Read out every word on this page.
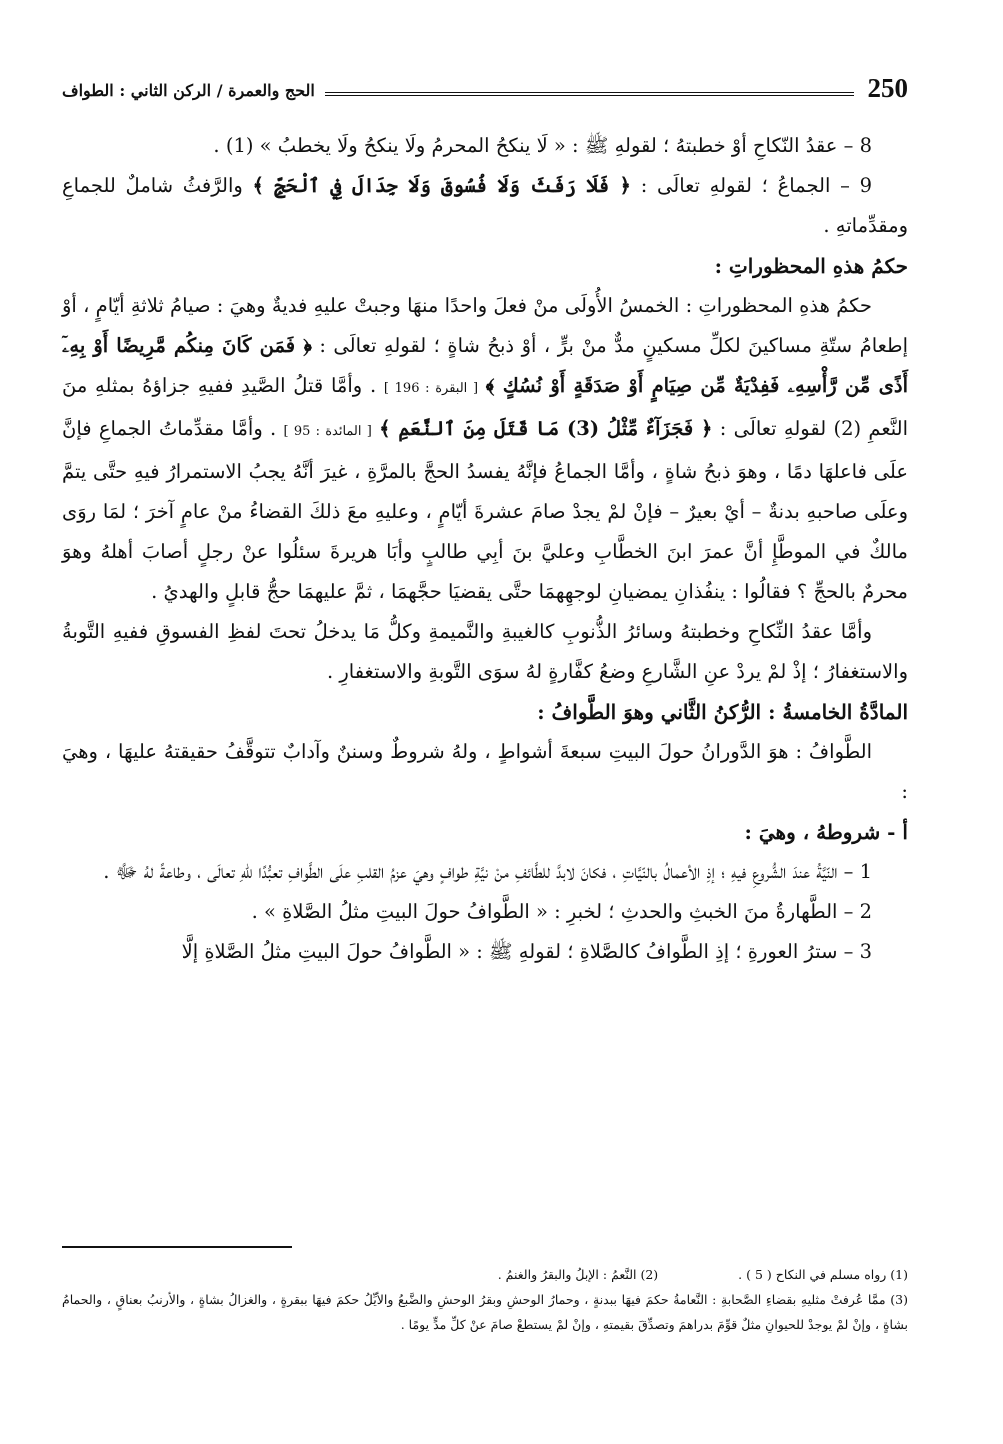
250
الحج والعمرة / الركن الثاني : الطواف

8 – عقدُ النّكاحِ أوْ خطبتهُ ؛ لقولهِ ﷺ : « لَا ينكحُ المحرمُ ولَا ينكحُ ولَا يخطبُ » (1) .

9 – الجماعُ ؛ لقولهِ تعالَى : ﴿ فَلَا رَفَثَ وَلَا فُسُوقَ وَلَا جِدَالَ فِي ٱلْحَجِّ ﴾ والرَّفثُ شاملٌ للجماعِ ومقدِّماتهِ .

حكمُ هذهِ المحظوراتِ :

حكمُ هذهِ المحظوراتِ : الخمسُ الأُولَى منْ فعلَ واحدًا منهَا وجبتْ عليهِ فديةٌ وهيَ : صيامُ ثلاثةِ أيّامٍ ، أوْ إطعامُ ستّةِ مساكينَ لكلِّ مسكينٍ مدٌّ منْ برٍّ ، أوْ ذبحُ شاةٍ ؛ لقولهِ تعالَى : ﴿ فَمَن كَانَ مِنكُم مَّرِيضًا أَوْ بِهِۦٓ أَذًى مِّن رَّأْسِهِۦ فَفِدْيَةٌ مِّن صِيَامٍ أَوْ صَدَقَةٍ أَوْ نُسُكٍ ﴾ [ البقرة : 196 ] . وأمَّا قتلُ الصَّيدِ ففيهِ جزاؤهُ بمثلهِ منَ النَّعمِ (2) لقولهِ تعالَى : ﴿ فَجَزَآءٌ مِّثْلُ (3) مَا قَتَلَ مِنَ ٱلنَّعَمِ ﴾ [ المائدة : 95 ] . وأمَّا مقدِّماتُ الجماعِ فإنَّ علَى فاعلهَا دمًا ، وهوَ ذبحُ شاةٍ ، وأمَّا الجماعُ فإنَّهُ يفسدُ الحجَّ بالمرَّةِ ، غيرَ أنَّهُ يجبُ الاستمرارُ فيهِ حتَّى يتمَّ وعلَى صاحبهِ بدنةٌ – أيْ بعيرٌ – فإنْ لمْ يجدْ صامَ عشرةَ أيّامٍ ، وعليهِ معَ ذلكَ القضاءُ منْ عامٍ آخرَ ؛ لمَا روَى مالكٌ في الموطَّإِ أنَّ عمرَ ابنَ الخطَّابِ وعليَّ بنَ أبِي طالبٍ وأبَا هريرةَ سئلُوا عنْ رجلٍ أصابَ أهلهُ وهوَ محرمٌ بالحجِّ ؟ فقالُوا : ينفُذانِ يمضيانِ لوجهِهمَا حتَّى يقضيَا حجَّهمَا ، ثمَّ عليهمَا حجُّ قابلٍ والهديُ .

وأمَّا عقدُ النِّكاحِ وخطبتهُ وسائرُ الذُّنوبِ كالغيبةِ والنَّميمةِ وكلُّ مَا يدخلُ تحتَ لفظِ الفسوقِ ففيهِ التَّوبةُ والاستغفارُ ؛ إذْ لمْ يردْ عنِ الشَّارعِ وضعُ كفَّارةٍ لهُ سوَى التَّوبةِ والاستغفارِ .

المادَّةُ الخامسةُ : الرُّكنُ الثَّاني وهوَ الطَّوافُ :

الطَّوافُ : هوَ الدَّورانُ حولَ البيتِ سبعةَ أشواطٍ ، ولهُ شروطٌ وسننٌ وآدابٌ تتوقَّفُ حقيقتهُ عليهَا ، وهيَ :

أ - شروطهُ ، وهيَ :

1 – النّيَّةُ عندَ الشُّروعِ فيهِ ؛ إذِ الأعمالُ بالنّيَّاتِ ، فكانَ لابدَّ للطَّائفِ منْ نيَّةِ طوافٍ وهيَ عزمُ القلبِ علَى الطَّوافِ تعبُّدًا للّهِ تعالَى ، وطاعةً لهُ ﷻ .

2 – الطَّهارةُ منَ الخبثِ والحدثِ ؛ لخبرِ : « الطَّوافُ حولَ البيتِ مثلُ الصَّلاةِ » .

3 – سترُ العورةِ ؛ إذِ الطَّوافُ كالصَّلاةِ ؛ لقولهِ ﷺ : « الطَّوافُ حولَ البيتِ مثلُ الصَّلاةِ إلَّا

(1) رواه مسلم في النكاح ( 5 ) .
(2) النَّعمُ : الإبلُ والبقرُ والغنمُ .
(3) ممَّا عُرفتْ مثليهِ بقضاءِ الصَّحابةِ : النَّعامةُ حكمَ فيهَا ببدنةٍ ، وحمارُ الوحشِ وبقرُ الوحشِ والضَّبعُ والأيِّلُ حكمَ فيهَا ببقرةٍ ، والغزالُ بشاةٍ ، والأرنبُ بعناقٍ ، والحمامُ بشاةٍ ، وإنْ لمْ يوجدْ للحيوانِ مثلٌ قوِّمَ بدراهمَ وتصدِّقَ بقيمتهِ ، وإنْ لمْ يستطعْ صامَ عنْ كلِّ مدٍّ يومًا .
